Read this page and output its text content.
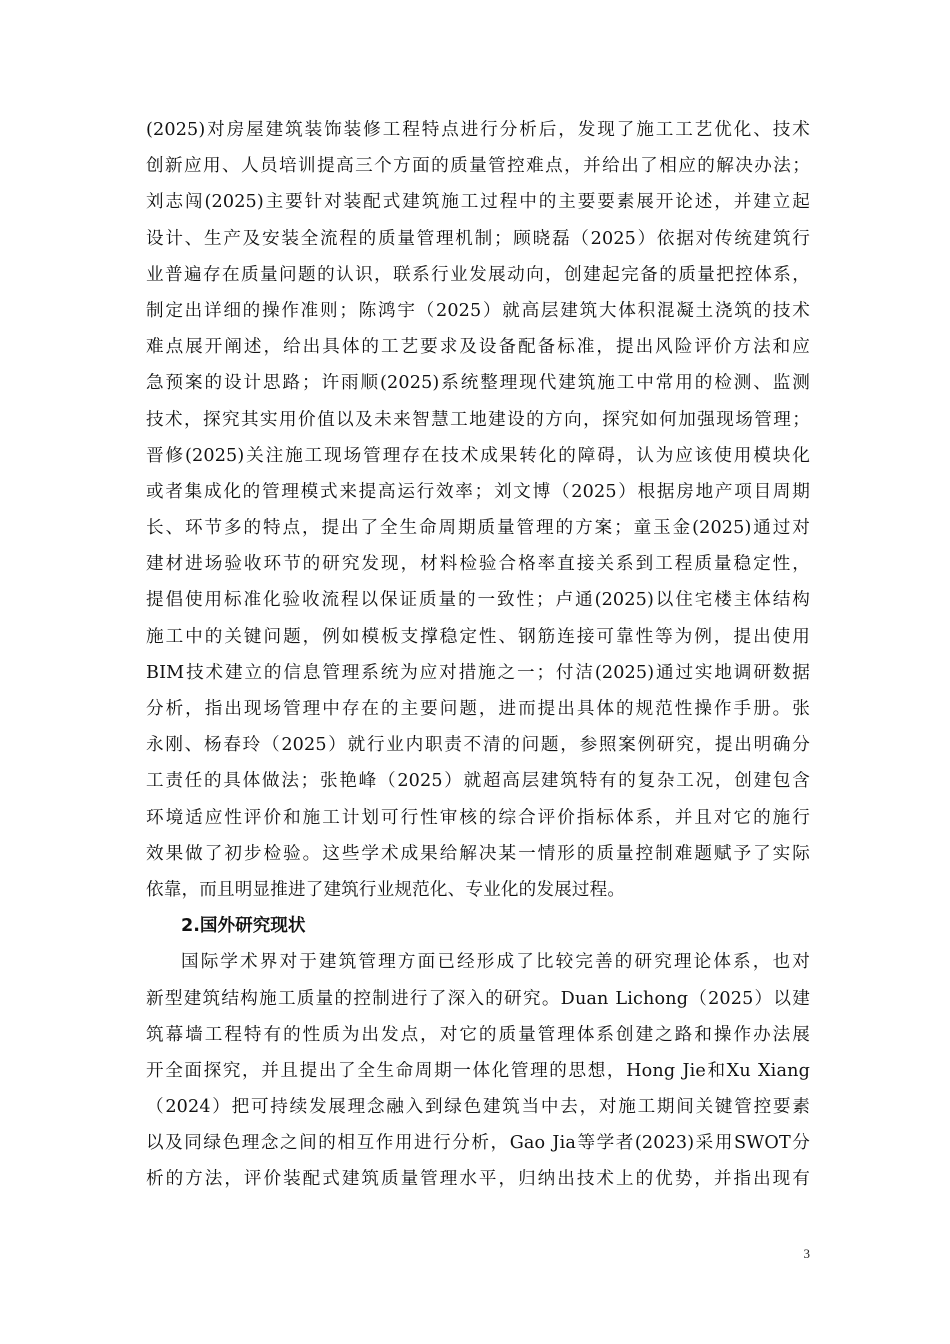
(2025)对房屋建筑装饰装修工程特点进行分析后，发现了施工工艺优化、技术
创新应用、人员培训提高三个方面的质量管控难点，并给出了相应的解决办法；
刘志闯(2025)主要针对装配式建筑施工过程中的主要要素展开论述，并建立起
设计、生产及安装全流程的质量管理机制；顾晓磊（2025）依据对传统建筑行
业普遍存在质量问题的认识，联系行业发展动向，创建起完备的质量把控体系，
制定出详细的操作准则；陈鸿宇（2025）就高层建筑大体积混凝土浇筑的技术
难点展开阐述，给出具体的工艺要求及设备配备标准，提出风险评价方法和应
急预案的设计思路；许雨顺(2025)系统整理现代建筑施工中常用的检测、监测
技术，探究其实用价值以及未来智慧工地建设的方向，探究如何加强现场管理；
晋修(2025)关注施工现场管理存在技术成果转化的障碍，认为应该使用模块化
或者集成化的管理模式来提高运行效率；刘文博（2025）根据房地产项目周期
长、环节多的特点，提出了全生命周期质量管理的方案；童玉金(2025)通过对
建材进场验收环节的研究发现，材料检验合格率直接关系到工程质量稳定性，
提倡使用标准化验收流程以保证质量的一致性；卢通(2025)以住宅楼主体结构
施工中的关键问题，例如模板支撑稳定性、钢筋连接可靠性等为例，提出使用
BIM技术建立的信息管理系统为应对措施之一；付洁(2025)通过实地调研数据
分析，指出现场管理中存在的主要问题，进而提出具体的规范性操作手册。张
永刚、杨春玲（2025）就行业内职责不清的问题，参照案例研究，提出明确分
工责任的具体做法；张艳峰（2025）就超高层建筑特有的复杂工况，创建包含
环境适应性评价和施工计划可行性审核的综合评价指标体系，并且对它的施行
效果做了初步检验。这些学术成果给解决某一情形的质量控制难题赋予了实际
依靠，而且明显推进了建筑行业规范化、专业化的发展过程。
2.国外研究现状
国际学术界对于建筑管理方面已经形成了比较完善的研究理论体系，也对
新型建筑结构施工质量的控制进行了深入的研究。Duan Lichong（2025）以建
筑幕墙工程特有的性质为出发点，对它的质量管理体系创建之路和操作办法展
开全面探究，并且提出了全生命周期一体化管理的思想，Hong Jie和Xu Xiang
（2024）把可持续发展理念融入到绿色建筑当中去，对施工期间关键管控要素
以及同绿色理念之间的相互作用进行分析，Gao Jia等学者(2023)采用SWOT分
析的方法，评价装配式建筑质量管理水平，归纳出技术上的优势，并指出现有
3
